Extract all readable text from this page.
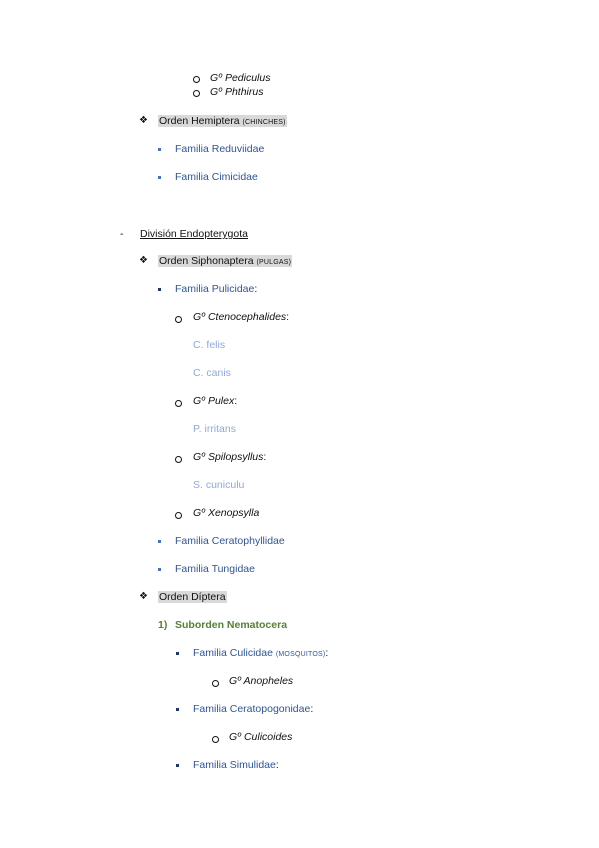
Gº Pediculus
Gº Phthirus
❖ Orden Hemiptera (CHINCHES)
Familia Reduviidae
Familia Cimicidae
- División Endopterygota
❖ Orden Siphonaptera (PULGAS)
Familia Pulicidae:
Gº Ctenocephalides:
C. felis
C. canis
Gº Pulex:
P. irritans
Gº Spilopsyllus:
S. cuniculu
Gº Xenopsylla
Familia Ceratophyllidae
Familia Tungidae
❖ Orden Díptera
1) Suborden Nematocera
Familia Culicidae (MOSQUITOS):
Gº Anopheles
Familia Ceratopogonidae:
Gº Culicoides
Familia Simulidae:
